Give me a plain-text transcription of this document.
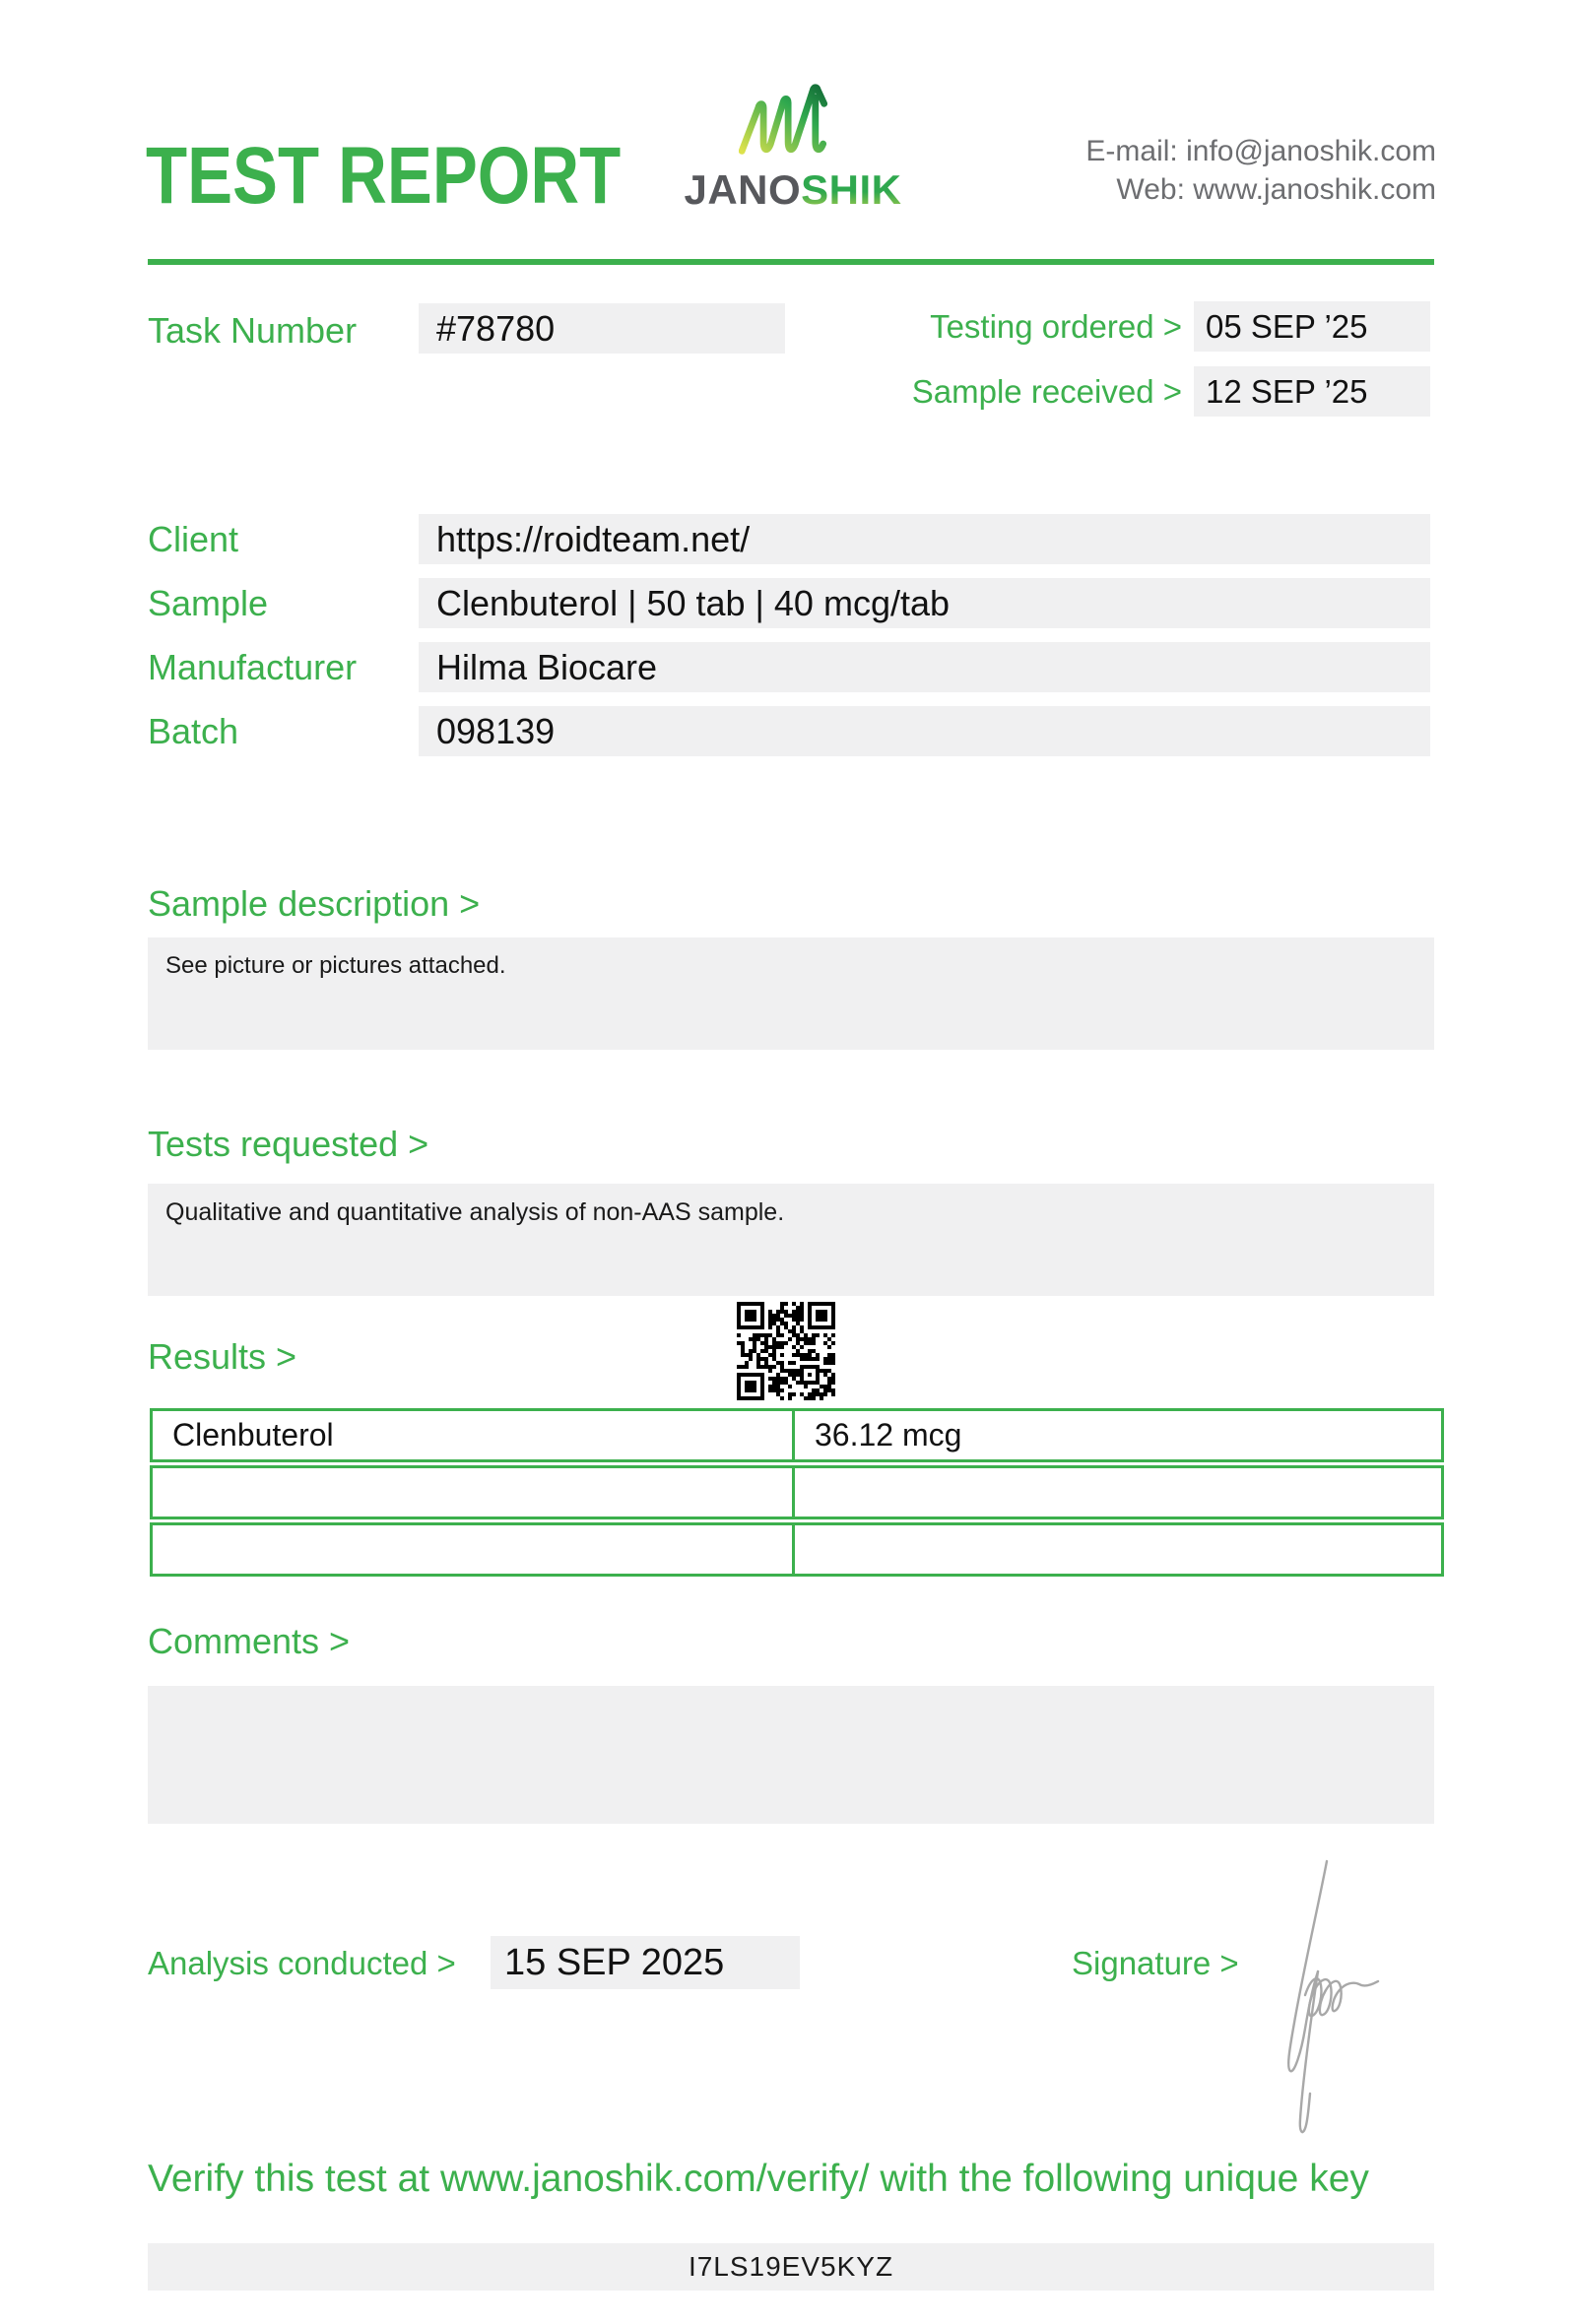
TEST REPORT JANOSHIK
E-mail: info@janoshik.com
Web: www.janoshik.com
Task Number	#78780	Testing ordered > 05 SEP ’25
Sample received > 12 SEP ’25
Client	https://roidteam.net/
Sample	Clenbuterol | 50 tab | 40 mcg/tab
Manufacturer	Hilma Biocare
Batch	098139
Sample description >
See picture or pictures attached.
Tests requested >
Qualitative and quantitative analysis of non-AAS sample.
Results >
Clenbuterol	36.12 mcg
Comments >
Analysis conducted >	15 SEP 2025	Signature >
Verify this test at www.janoshik.com/verify/ with the following unique key
I7LS19EV5KYZ
